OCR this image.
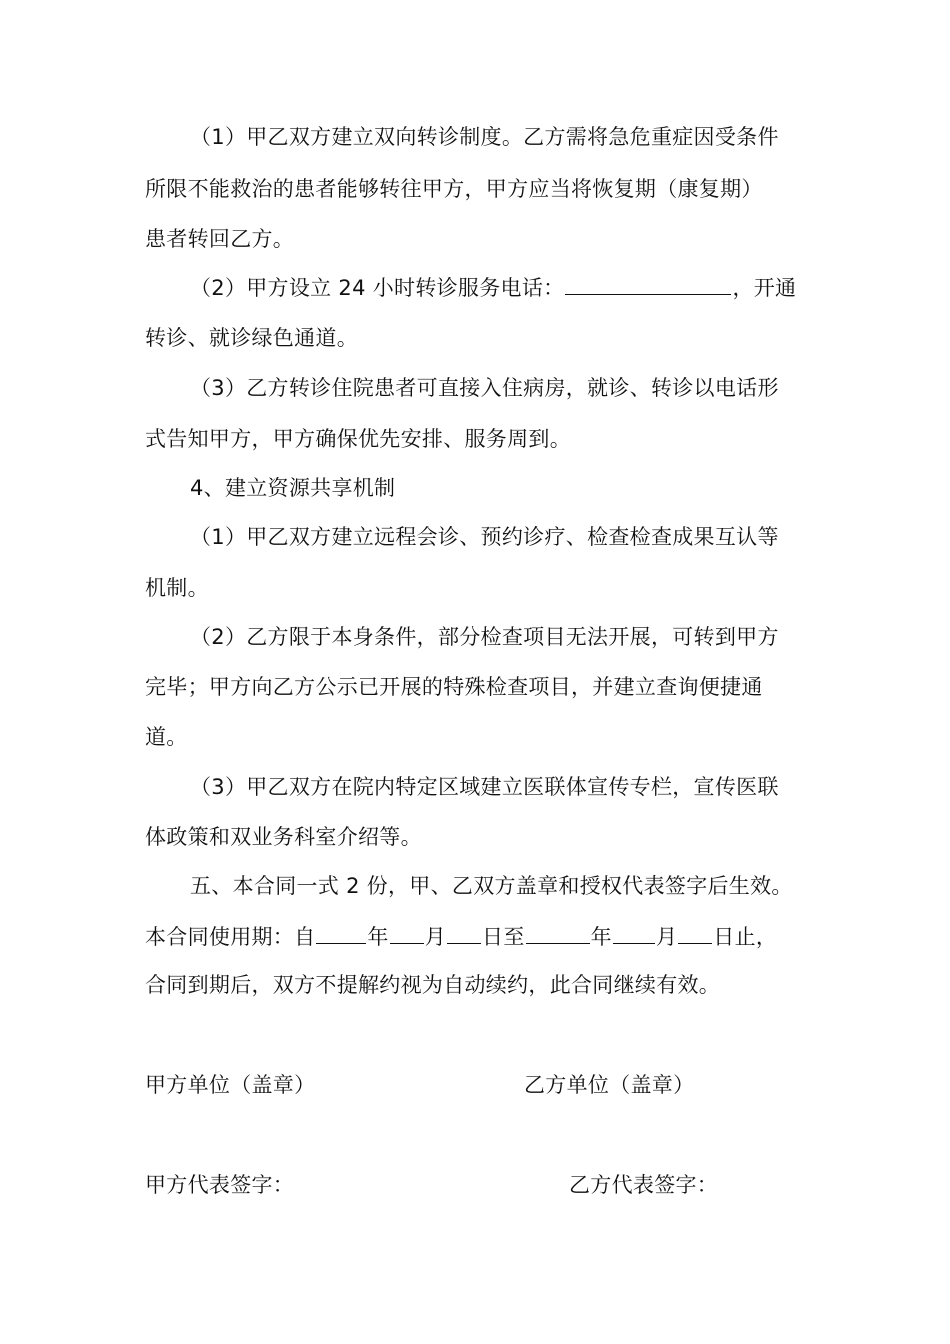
（1）甲乙双方建立双向转诊制度。乙方需将急危重症因受条件
所限不能救治的患者能够转往甲方，甲方应当将恢复期（康复期）
患者转回乙方。
（2）甲方设立 24 小时转诊服务电话：	，开通
转诊、就诊绿色通道。
（3）乙方转诊住院患者可直接入住病房，就诊、转诊以电话形
式告知甲方，甲方确保优先安排、服务周到。
4、建立资源共享机制
（1）甲乙双方建立远程会诊、预约诊疗、检查检查成果互认等
机制。
（2）乙方限于本身条件，部分检查项目无法开展，可转到甲方
完毕；甲方向乙方公示已开展的特殊检查项目，并建立查询便捷通
道。
（3）甲乙双方在院内特定区域建立医联体宣传专栏，宣传医联
体政策和双业务科室介绍等。
五、本合同一式 2 份，甲、乙双方盖章和授权代表签字后生效。
本合同使用期：自 年 月 日至	年 月 日止，
合同到期后，双方不提解约视为自动续约，此合同继续有效。
甲方单位（盖章）	乙方单位（盖章）
甲方代表签字：	乙方代表签字：
